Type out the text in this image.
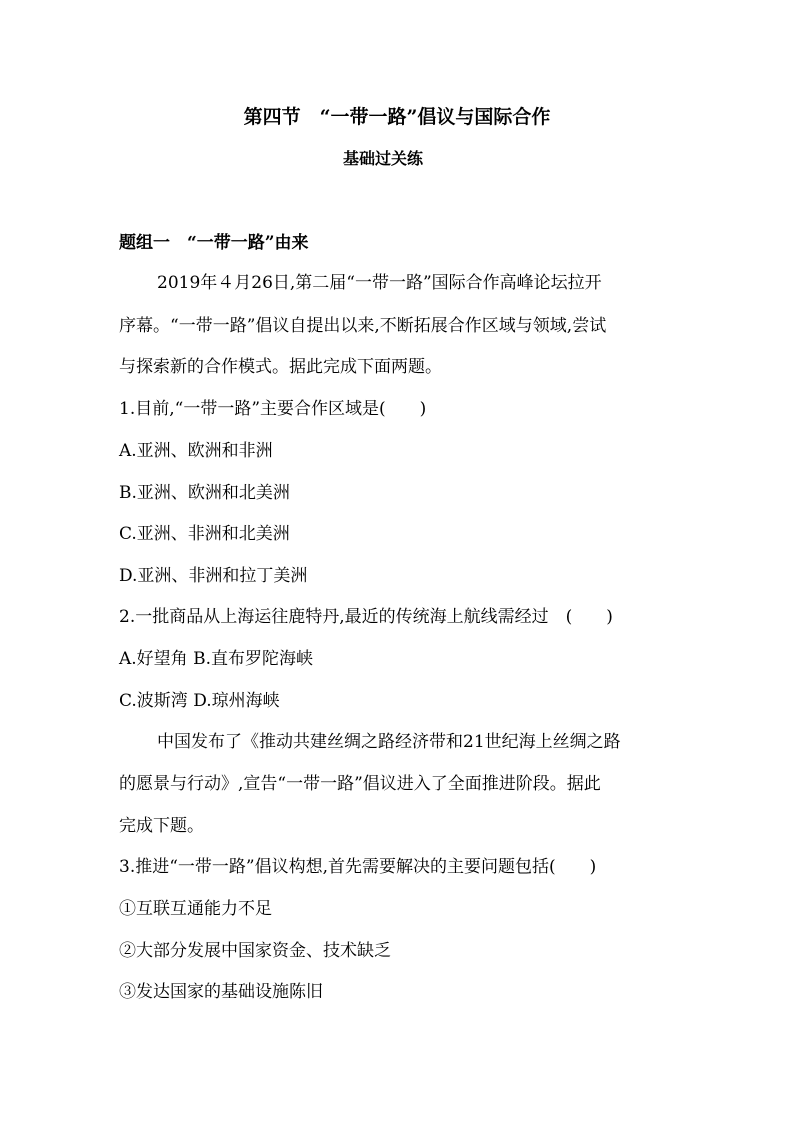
第四节　“一带一路”倡议与国际合作
基础过关练
题组一　“一带一路”由来
2019年４月26日,第二届“一带一路”国际合作高峰论坛拉开
序幕。“一带一路”倡议自提出以来,不断拓展合作区域与领域,尝试
与探索新的合作模式。据此完成下面两题。
1.目前,“一带一路”主要合作区域是(　　)
A.亚洲、欧洲和非洲
B.亚洲、欧洲和北美洲
C.亚洲、非洲和北美洲
D.亚洲、非洲和拉丁美洲
2.一批商品从上海运往鹿特丹,最近的传统海上航线需经过　(　　)
A.好望角 B.直布罗陀海峡
C.波斯湾 D.琼州海峡
中国发布了《推动共建丝绸之路经济带和21世纪海上丝绸之路
的愿景与行动》,宣告“一带一路”倡议进入了全面推进阶段。据此
完成下题。
3.推进“一带一路”倡议构想,首先需要解决的主要问题包括(　　)
①互联互通能力不足
②大部分发展中国家资金、技术缺乏
③发达国家的基础设施陈旧
